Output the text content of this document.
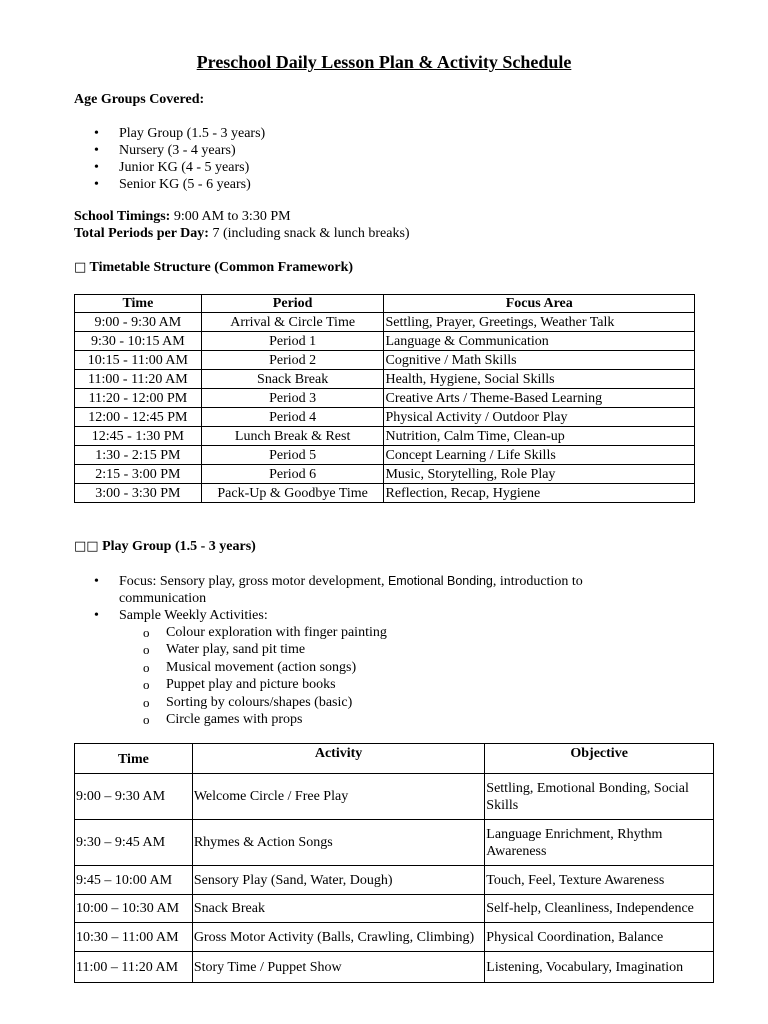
Preschool Daily Lesson Plan & Activity Schedule
Age Groups Covered:
• Play Group (1.5 - 3 years)
• Nursery (3 - 4 years)
• Junior KG (4 - 5 years)
• Senior KG (5 - 6 years)
School Timings: 9:00 AM to 3:30 PM
Total Periods per Day: 7 (including snack & lunch breaks)
□ Timetable Structure (Common Framework)
Time	Period	Focus Area
9:00 - 9:30 AM	Arrival & Circle Time	Settling, Prayer, Greetings, Weather Talk
9:30 - 10:15 AM	Period 1	Language & Communication
10:15 - 11:00 AM	Period 2	Cognitive / Math Skills
11:00 - 11:20 AM	Snack Break	Health, Hygiene, Social Skills
11:20 - 12:00 PM	Period 3	Creative Arts / Theme-Based Learning
12:00 - 12:45 PM	Period 4	Physical Activity / Outdoor Play
12:45 - 1:30 PM	Lunch Break & Rest	Nutrition, Calm Time, Clean-up
1:30 - 2:15 PM	Period 5	Concept Learning / Life Skills
2:15 - 3:00 PM	Period 6	Music, Storytelling, Role Play
3:00 - 3:30 PM	Pack-Up & Goodbye Time	Reflection, Recap, Hygiene
□□ Play Group (1.5 - 3 years)
• Focus: Sensory play, gross motor development, Emotional Bonding, introduction to communication
• Sample Weekly Activities:
o Colour exploration with finger painting
o Water play, sand pit time
o Musical movement (action songs)
o Puppet play and picture books
o Sorting by colours/shapes (basic)
o Circle games with props
Time	Activity	Objective
9:00 – 9:30 AM	Welcome Circle / Free Play	Settling, Emotional Bonding, Social Skills
9:30 – 9:45 AM	Rhymes & Action Songs	Language Enrichment, Rhythm Awareness
9:45 – 10:00 AM	Sensory Play (Sand, Water, Dough)	Touch, Feel, Texture Awareness
10:00 – 10:30 AM	Snack Break	Self-help, Cleanliness, Independence
10:30 – 11:00 AM	Gross Motor Activity (Balls, Crawling, Climbing)	Physical Coordination, Balance
11:00 – 11:20 AM	Story Time / Puppet Show	Listening, Vocabulary, Imagination
